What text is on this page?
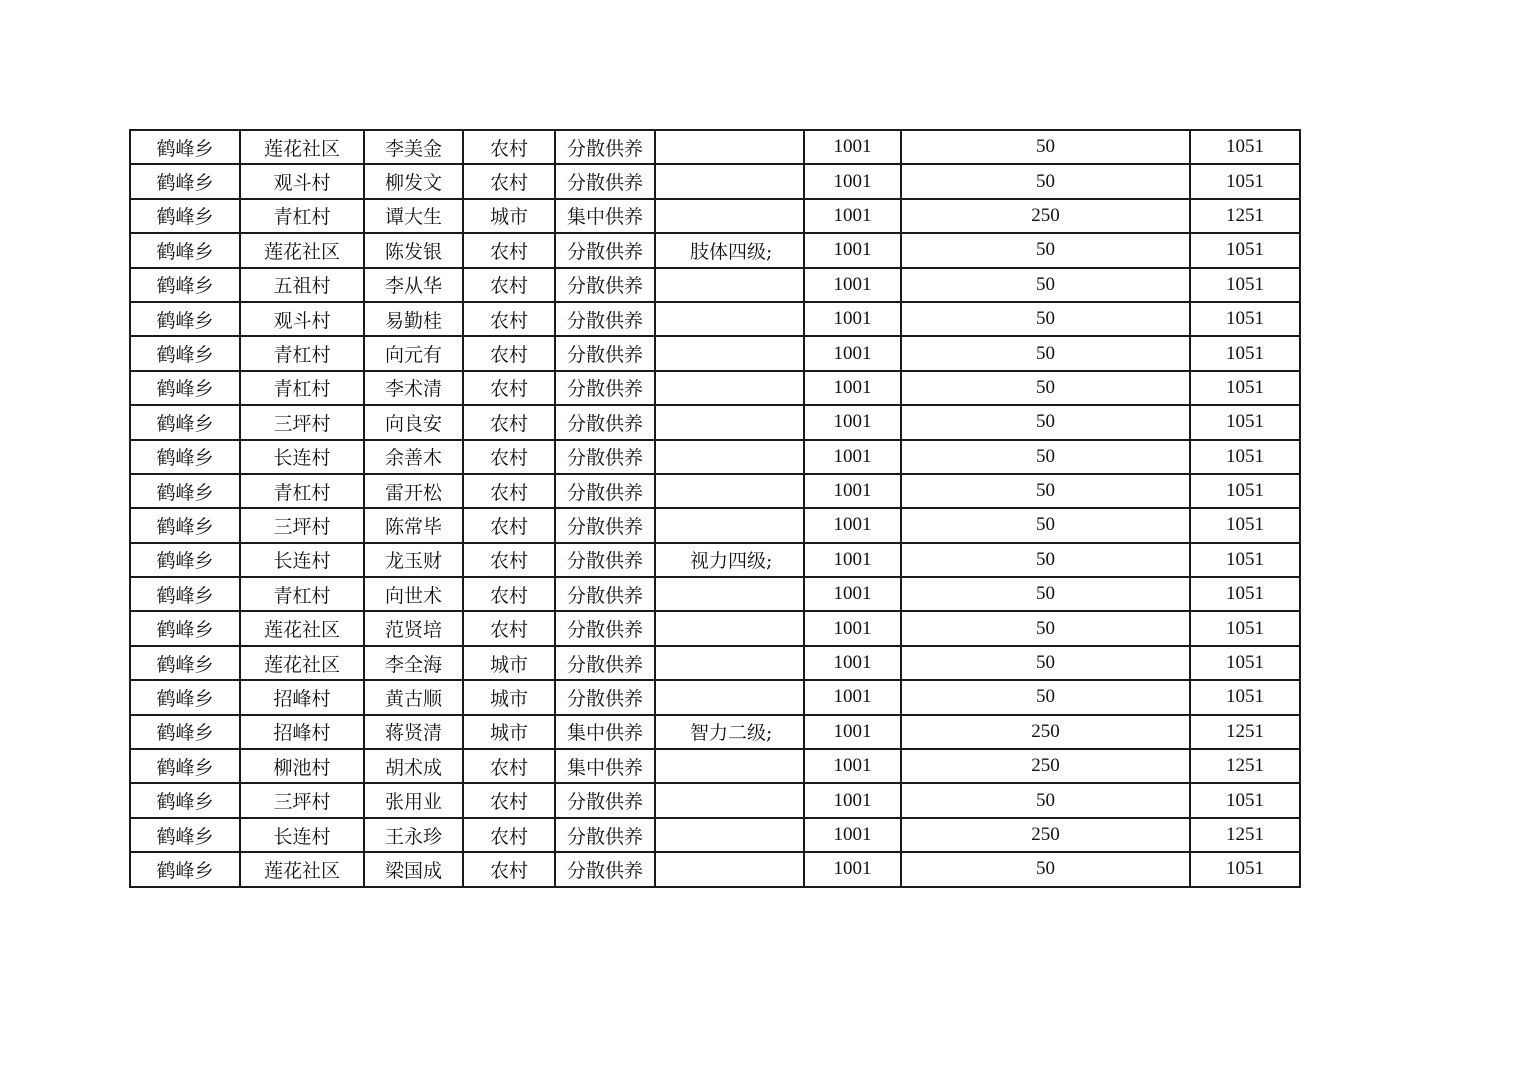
鹤峰乡	莲花社区	李美金	农村	分散供养		1001	50	1051
鹤峰乡	观斗村	柳发文	农村	分散供养		1001	50	1051
鹤峰乡	青杠村	谭大生	城市	集中供养		1001	250	1251
鹤峰乡	莲花社区	陈发银	农村	分散供养	肢体四级;	1001	50	1051
鹤峰乡	五祖村	李从华	农村	分散供养		1001	50	1051
鹤峰乡	观斗村	易勤桂	农村	分散供养		1001	50	1051
鹤峰乡	青杠村	向元有	农村	分散供养		1001	50	1051
鹤峰乡	青杠村	李术清	农村	分散供养		1001	50	1051
鹤峰乡	三坪村	向良安	农村	分散供养		1001	50	1051
鹤峰乡	长连村	余善木	农村	分散供养		1001	50	1051
鹤峰乡	青杠村	雷开松	农村	分散供养		1001	50	1051
鹤峰乡	三坪村	陈常毕	农村	分散供养		1001	50	1051
鹤峰乡	长连村	龙玉财	农村	分散供养	视力四级;	1001	50	1051
鹤峰乡	青杠村	向世术	农村	分散供养		1001	50	1051
鹤峰乡	莲花社区	范贤培	农村	分散供养		1001	50	1051
鹤峰乡	莲花社区	李全海	城市	分散供养		1001	50	1051
鹤峰乡	招峰村	黄古顺	城市	分散供养		1001	50	1051
鹤峰乡	招峰村	蒋贤清	城市	集中供养	智力二级;	1001	250	1251
鹤峰乡	柳池村	胡术成	农村	集中供养		1001	250	1251
鹤峰乡	三坪村	张用业	农村	分散供养		1001	50	1051
鹤峰乡	长连村	王永珍	农村	分散供养		1001	250	1251
鹤峰乡	莲花社区	梁国成	农村	分散供养		1001	50	1051
